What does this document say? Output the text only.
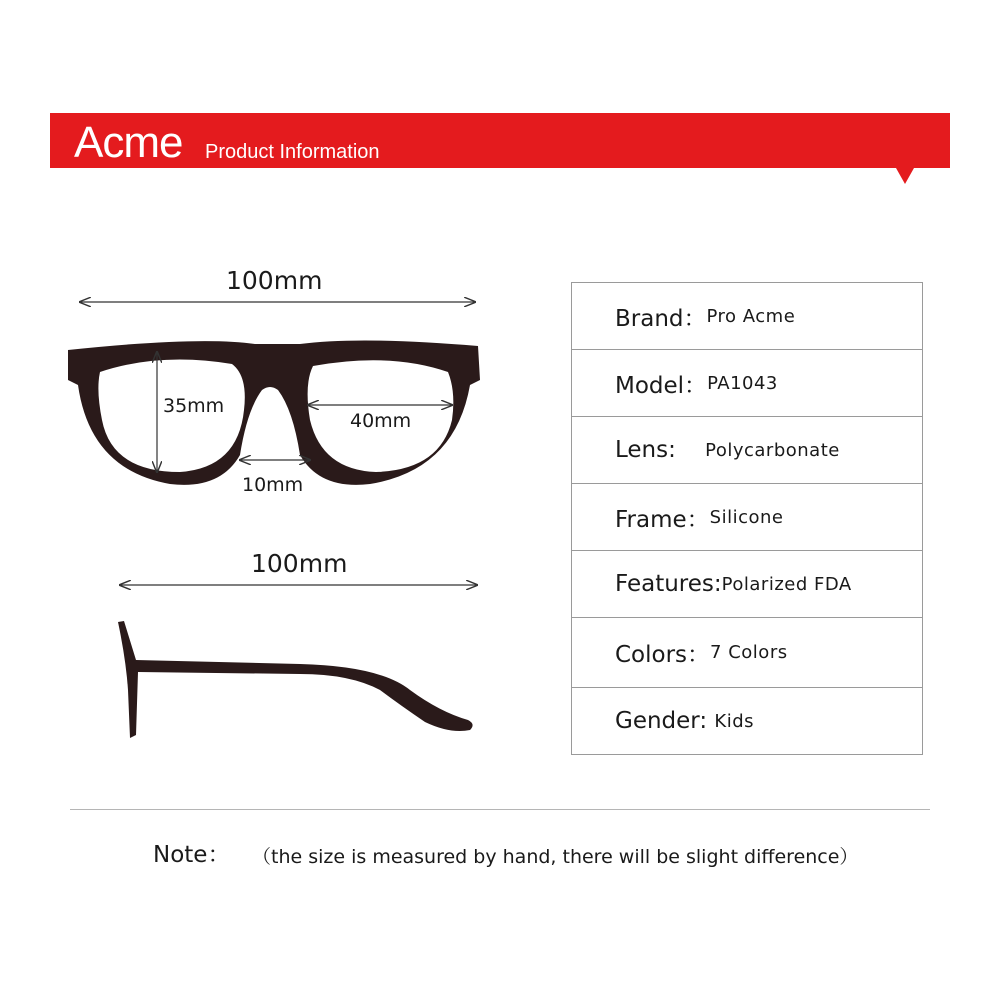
Acme Product Information
100mm
35mm
40mm
10mm
100mm
Brand： Pro Acme
Model： PA1043
Lens: Polycarbonate
Frame： Silicone
Features: Polarized FDA
Colors： 7 Colors
Gender: Kids
Note： （the size is measured by hand, there will be slight difference）
